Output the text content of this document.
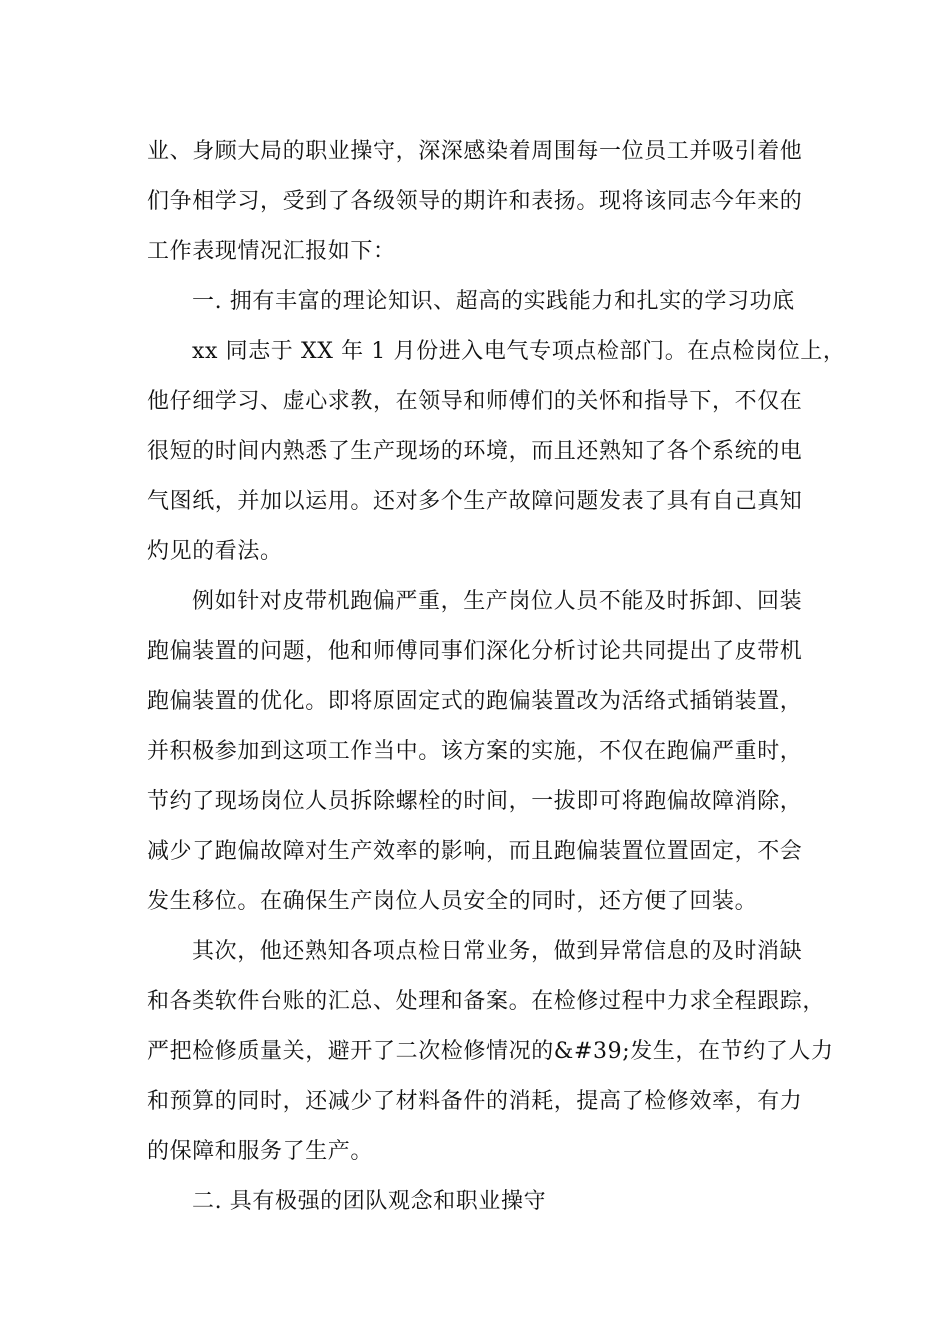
业、身顾大局的职业操守，深深感染着周围每一位员工并吸引着他
们争相学习，受到了各级领导的期许和表扬。现将该同志今年来的
工作表现情况汇报如下：
一. 拥有丰富的理论知识、超高的实践能力和扎实的学习功底
xx 同志于 XX 年 1 月份进入电气专项点检部门。在点检岗位上，
他仔细学习、虚心求教，在领导和师傅们的关怀和指导下，不仅在
很短的时间内熟悉了生产现场的环境，而且还熟知了各个系统的电
气图纸，并加以运用。还对多个生产故障问题发表了具有自己真知
灼见的看法。
例如针对皮带机跑偏严重，生产岗位人员不能及时拆卸、回装
跑偏装置的问题，他和师傅同事们深化分析讨论共同提出了皮带机
跑偏装置的优化。即将原固定式的跑偏装置改为活络式插销装置，
并积极参加到这项工作当中。该方案的实施，不仅在跑偏严重时，
节约了现场岗位人员拆除螺栓的时间，一拔即可将跑偏故障消除，
减少了跑偏故障对生产效率的影响，而且跑偏装置位置固定，不会
发生移位。在确保生产岗位人员安全的同时，还方便了回装。
其次，他还熟知各项点检日常业务，做到异常信息的及时消缺
和各类软件台账的汇总、处理和备案。在检修过程中力求全程跟踪，
严把检修质量关，避开了二次检修情况的&#39;发生，在节约了人力
和预算的同时，还减少了材料备件的消耗，提高了检修效率，有力
的保障和服务了生产。
二. 具有极强的团队观念和职业操守
